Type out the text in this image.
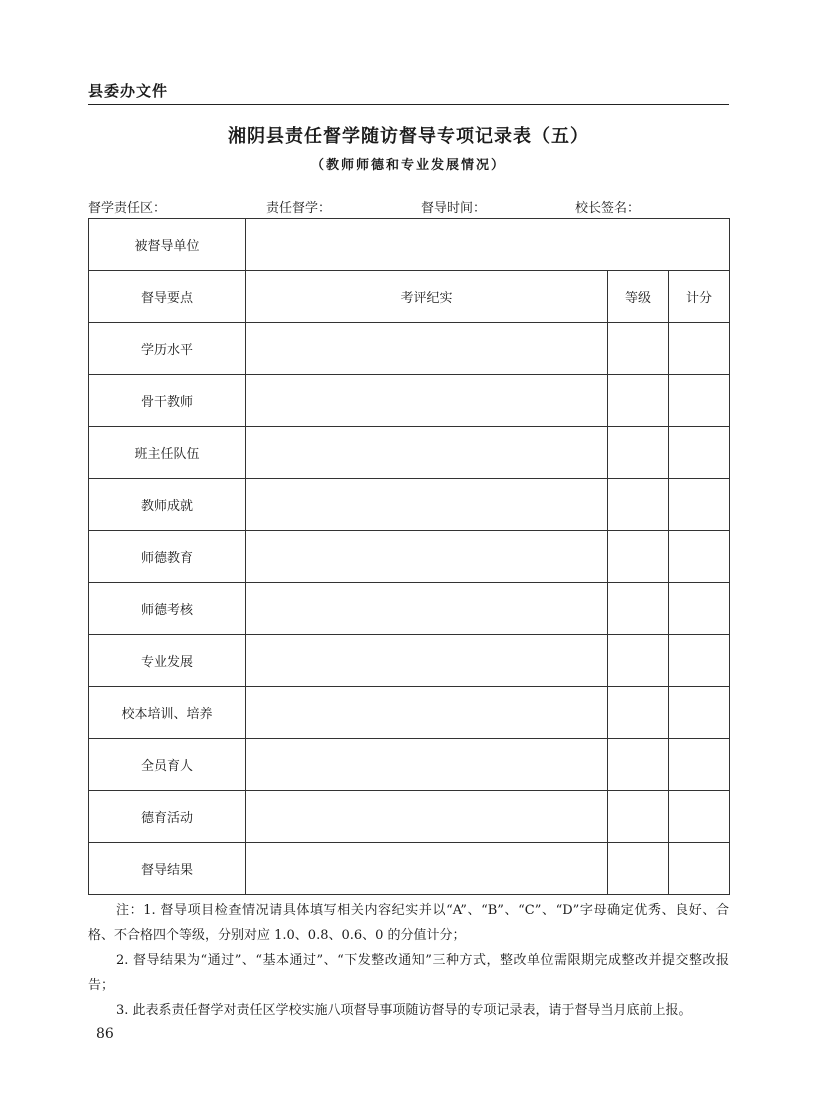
县委办文件
湘阴县责任督学随访督导专项记录表（五）
（教师师德和专业发展情况）
督学责任区：	责任督学：	督导时间：	校长签名：
被督导单位			
督导要点	考评纪实	等级	计分
学历水平			
骨干教师			
班主任队伍			
教师成就			
师德教育			
师德考核			
专业发展			
校本培训、培养			
全员育人			
德育活动			
督导结果			

注：1. 督导项目检查情况请具体填写相关内容纪实并以“A”、“B”、“C”、“D”字母确定优秀、良好、合格、不合格四个等级，分别对应 1.0、0.8、0.6、0 的分值计分；

2. 督导结果为“通过”、“基本通过”、“下发整改通知”三种方式，整改单位需限期完成整改并提交整改报告；

3. 此表系责任督学对责任区学校实施八项督导事项随访督导的专项记录表，请于督导当月底前上报。

86
